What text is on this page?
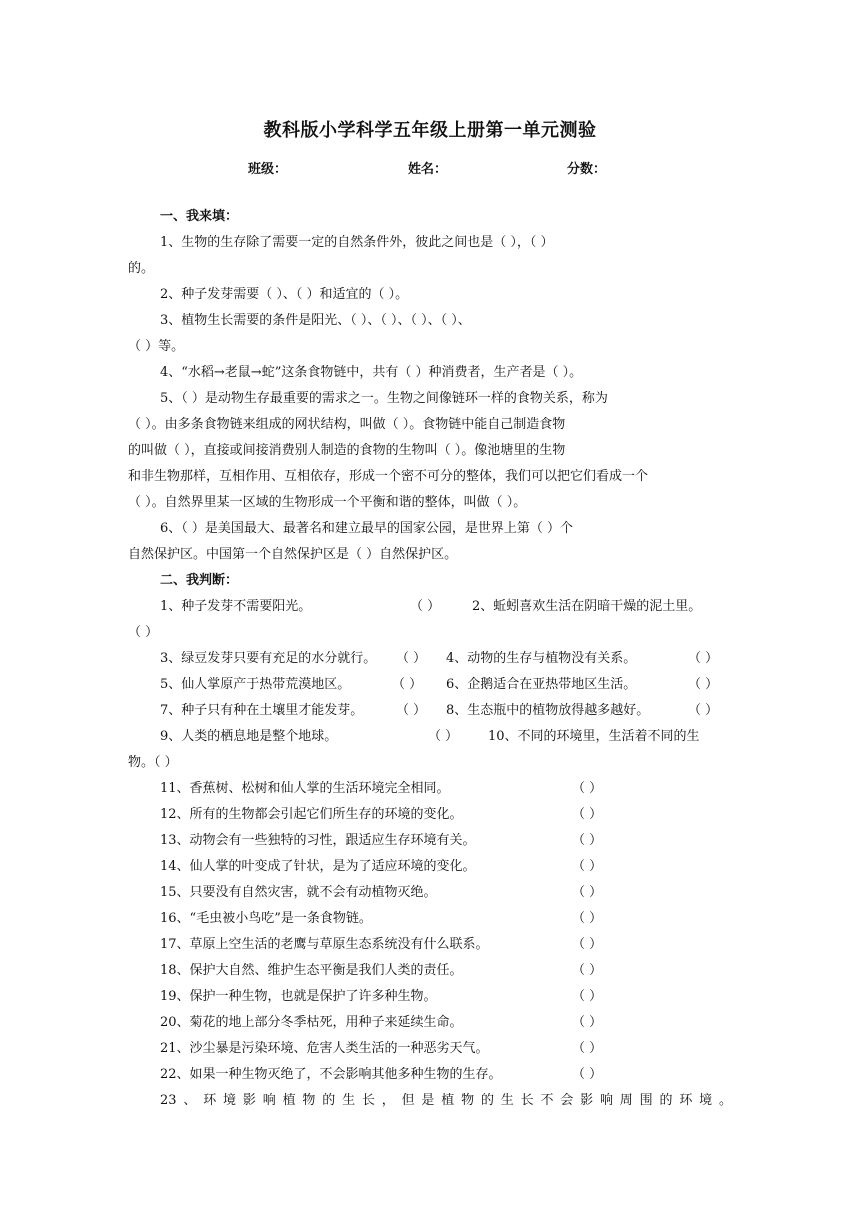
教科版小学科学五年级上册第一单元测验
班级：	姓名：	分数：
一、我来填：
1、生物的生存除了需要一定的自然条件外，彼此之间也是（ ），（ ）
的。
2、种子发芽需要（ ）、（ ）和适宜的（ ）。
3、植物生长需要的条件是阳光、（ ）、（ ）、（ ）、（ ）、
（ ）等。
4、“水稻→老鼠→蛇”这条食物链中，共有（ ）种消费者，生产者是（ ）。
5、（ ）是动物生存最重要的需求之一。生物之间像链环一样的食物关系，称为
（ ）。由多条食物链来组成的网状结构，叫做（ ）。食物链中能自己制造食物
的叫做（ ），直接或间接消费别人制造的食物的生物叫（ ）。像池塘里的生物
和非生物那样，互相作用、互相依存，形成一个密不可分的整体，我们可以把它们看成一个
（ ）。自然界里某一区域的生物形成一个平衡和谐的整体，叫做（ ）。
6、（ ）是美国最大、最著名和建立最早的国家公园，是世界上第（ ）个
自然保护区。中国第一个自然保护区是（ ）自然保护区。
二、我判断：
1、种子发芽不需要阳光。	（ ） 2、蚯蚓喜欢生活在阴暗干燥的泥土里。
（ ）
3、绿豆发芽只要有充足的水分就行。 （ ） 4、动物的生存与植物没有关系。	（ ）
5、仙人掌原产于热带荒漠地区。	（ ） 6、企鹅适合在亚热带地区生活。	（ ）
7、种子只有种在土壤里才能发芽。	（ ） 8、生态瓶中的植物放得越多越好。	（ ）
9、人类的栖息地是整个地球。	（ ） 10、不同的环境里，生活着不同的生
物。（ ）
11、香蕉树、松树和仙人掌的生活环境完全相同。	（ ）
12、所有的生物都会引起它们所生存的环境的变化。	（ ）
13、动物会有一些独特的习性，跟适应生存环境有关。	（ ）
14、仙人掌的叶变成了针状，是为了适应环境的变化。	（ ）
15、只要没有自然灾害，就不会有动植物灭绝。	（ ）
16、“毛虫被小鸟吃”是一条食物链。	（ ）
17、草原上空生活的老鹰与草原生态系统没有什么联系。	（ ）
18、保护大自然、维护生态平衡是我们人类的责任。	（ ）
19、保护一种生物，也就是保护了许多种生物。	（ ）
20、菊花的地上部分冬季枯死，用种子来延续生命。	（ ）
21、沙尘暴是污染环境、危害人类生活的一种恶劣天气。	（ ）
22、如果一种生物灭绝了，不会影响其他多种生物的生存。	（ ）
23、环境影响植物的生长，但是植物的生长不会影响周围的环境。
